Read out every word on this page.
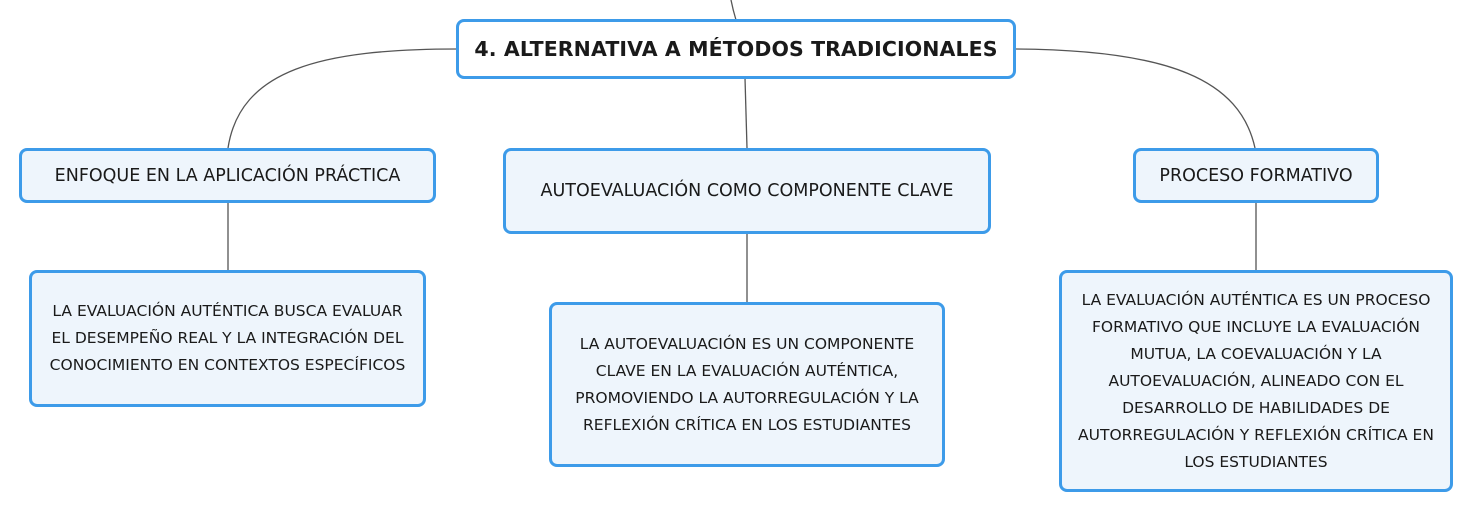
4. ALTERNATIVA A MÉTODOS TRADICIONALES
ENFOQUE EN LA APLICACIÓN PRÁCTICA
AUTOEVALUACIÓN COMO COMPONENTE CLAVE
PROCESO FORMATIVO
LA EVALUACIÓN AUTÉNTICA BUSCA EVALUAR EL DESEMPEÑO REAL Y LA INTEGRACIÓN DEL CONOCIMIENTO EN CONTEXTOS ESPECÍFICOS
LA AUTOEVALUACIÓN ES UN COMPONENTE CLAVE EN LA EVALUACIÓN AUTÉNTICA, PROMOVIENDO LA AUTORREGULACIÓN Y LA REFLEXIÓN CRÍTICA EN LOS ESTUDIANTES
LA EVALUACIÓN AUTÉNTICA ES UN PROCESO FORMATIVO QUE INCLUYE LA EVALUACIÓN MUTUA, LA COEVALUACIÓN Y LA AUTOEVALUACIÓN, ALINEADO CON EL DESARROLLO DE HABILIDADES DE AUTORREGULACIÓN Y REFLEXIÓN CRÍTICA EN LOS ESTUDIANTES
